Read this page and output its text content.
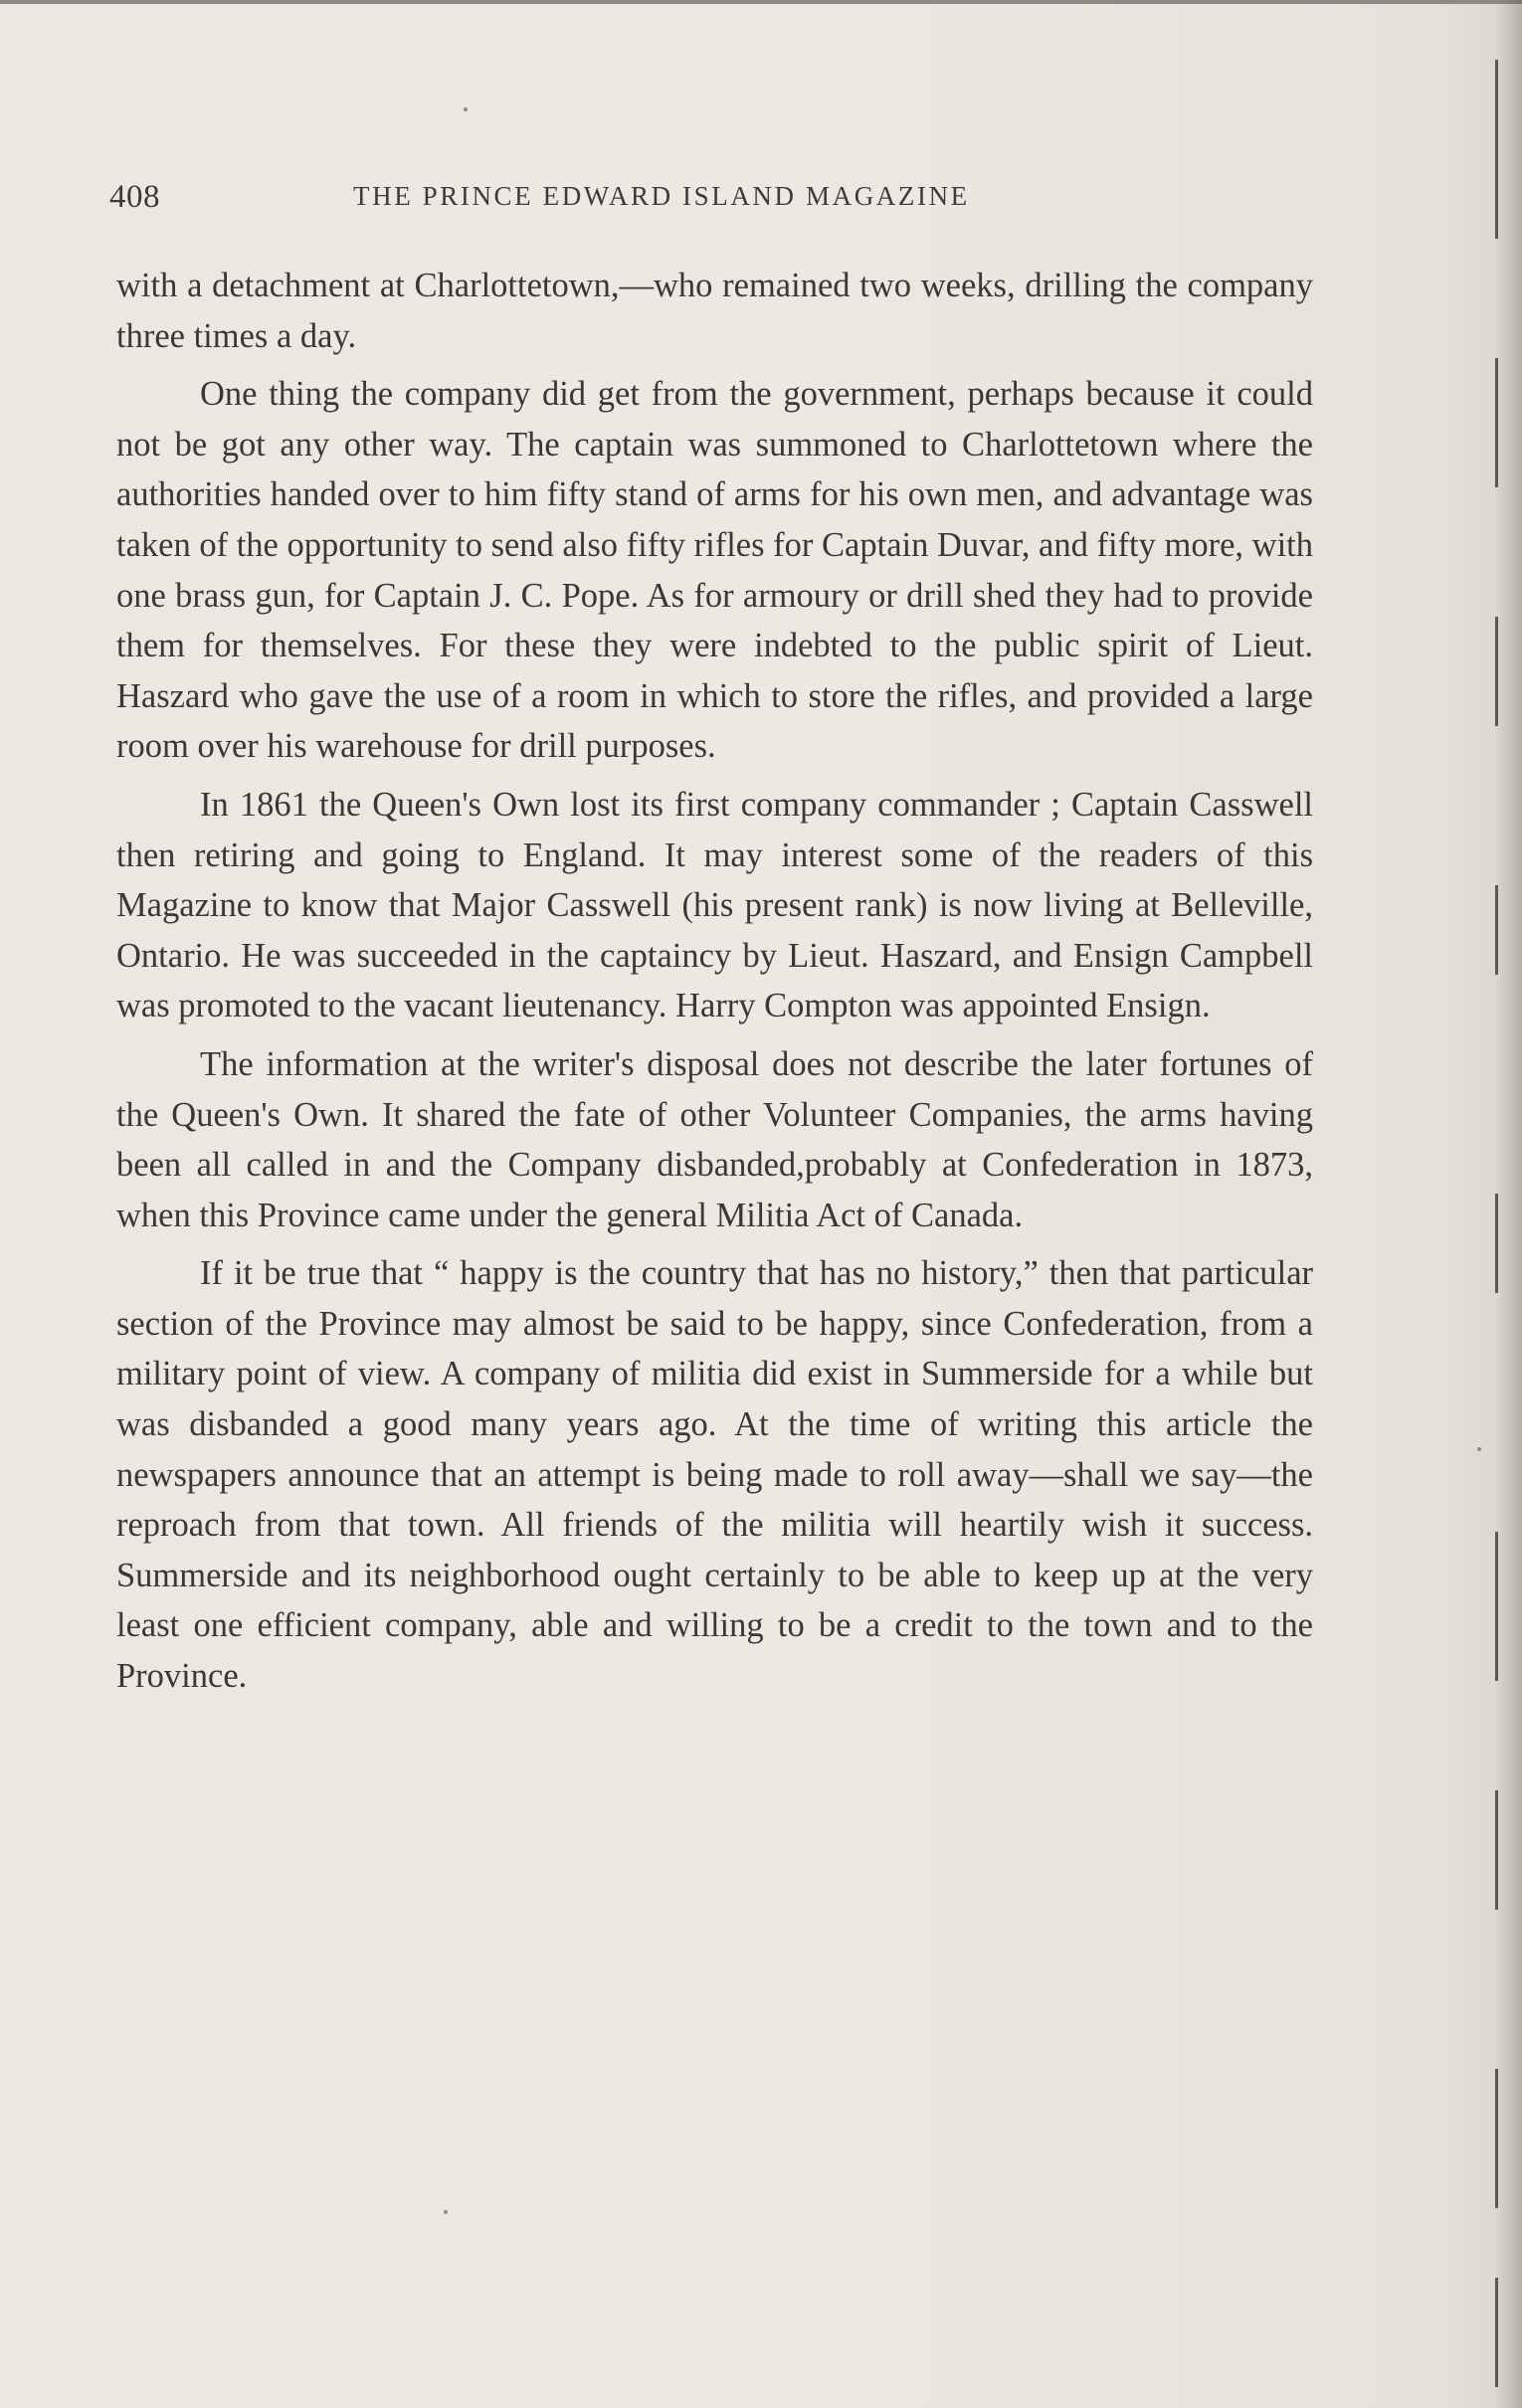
408	THE PRINCE EDWARD ISLAND MAGAZINE

with a detachment at Charlottetown,—who remained two weeks, drilling the company three times a day.

One thing the company did get from the government, perhaps because it could not be got any other way. The captain was summoned to Charlottetown where the authorities handed over to him fifty stand of arms for his own men, and advantage was taken of the opportunity to send also fifty rifles for Captain Duvar, and fifty more, with one brass gun, for Captain J. C. Pope. As for armoury or drill shed they had to provide them for themselves. For these they were indebted to the public spirit of Lieut. Haszard who gave the use of a room in which to store the rifles, and provided a large room over his warehouse for drill purposes.

In 1861 the Queen's Own lost its first company commander ; Captain Casswell then retiring and going to England. It may interest some of the readers of this Magazine to know that Major Casswell (his present rank) is now living at Belleville, Ontario. He was succeeded in the captaincy by Lieut. Haszard, and Ensign Campbell was promoted to the vacant lieutenancy. Harry Compton was appointed Ensign.

The information at the writer's disposal does not describe the later fortunes of the Queen's Own. It shared the fate of other Volunteer Companies, the arms having been all called in and the Company disbanded,probably at Confederation in 1873, when this Province came under the general Militia Act of Canada.

If it be true that “ happy is the country that has no history,” then that particular section of the Province may almost be said to be happy, since Confederation, from a military point of view. A company of militia did exist in Summerside for a while but was disbanded a good many years ago. At the time of writing this article the newspapers announce that an attempt is being made to roll away—shall we say—the reproach from that town. All friends of the militia will heartily wish it success. Summerside and its neighborhood ought certainly to be able to keep up at the very least one efficient company, able and willing to be a credit to the town and to the Province.
